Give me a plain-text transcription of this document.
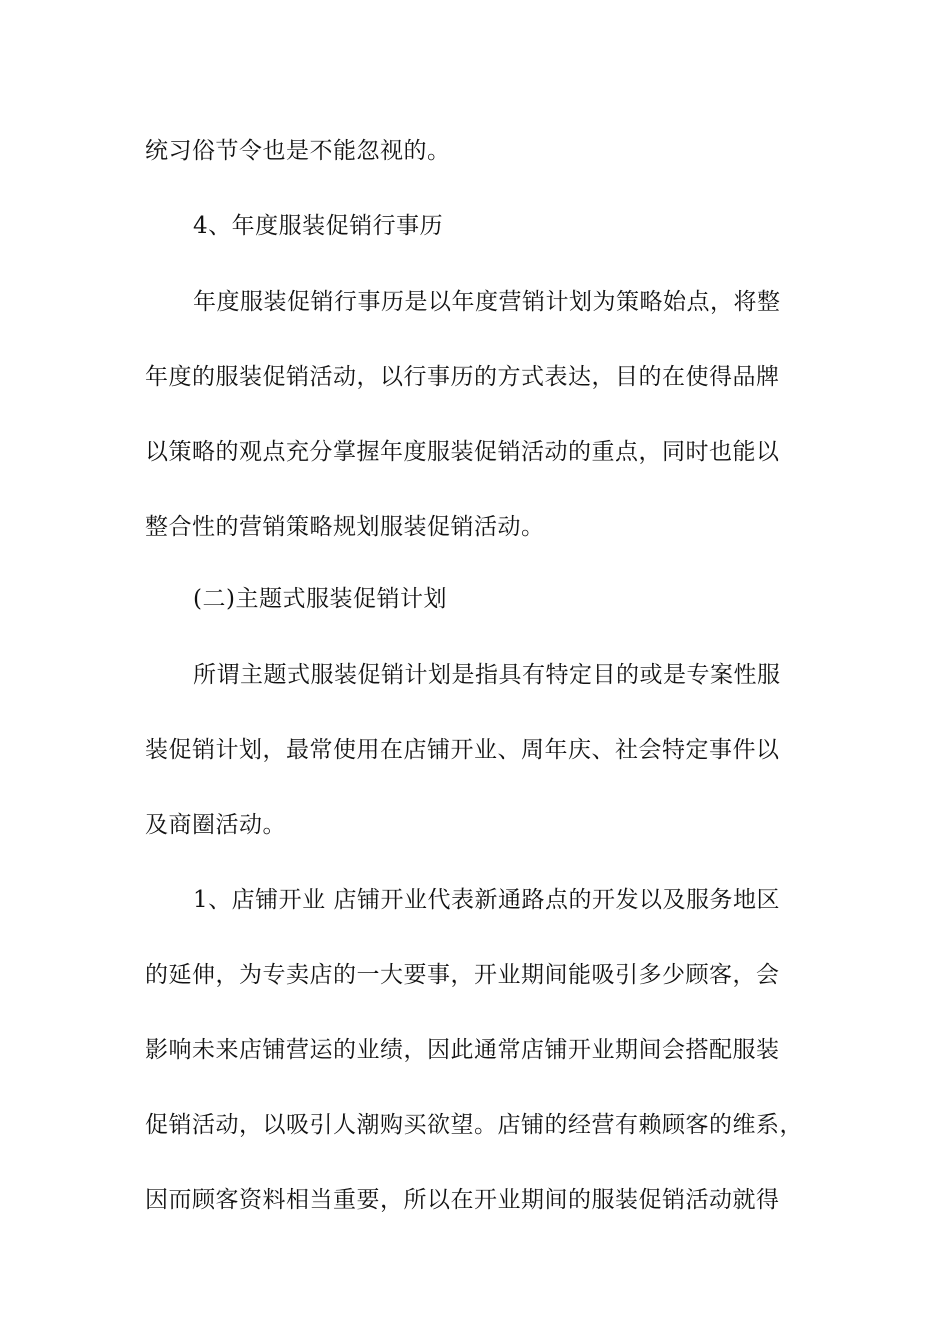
统习俗节令也是不能忽视的。
4、年度服装促销行事历
年度服装促销行事历是以年度营销计划为策略始点，将整
年度的服装促销活动，以行事历的方式表达，目的在使得品牌
以策略的观点充分掌握年度服装促销活动的重点，同时也能以
整合性的营销策略规划服装促销活动。
(二)主题式服装促销计划
所谓主题式服装促销计划是指具有特定目的或是专案性服
装促销计划，最常使用在店铺开业、周年庆、社会特定事件以
及商圈活动。
1、店铺开业 店铺开业代表新通路点的开发以及服务地区
的延伸，为专卖店的一大要事，开业期间能吸引多少顾客，会
影响未来店铺营运的业绩，因此通常店铺开业期间会搭配服装
促销活动，以吸引人潮购买欲望。店铺的经营有赖顾客的维系，
因而顾客资料相当重要，所以在开业期间的服装促销活动就得
